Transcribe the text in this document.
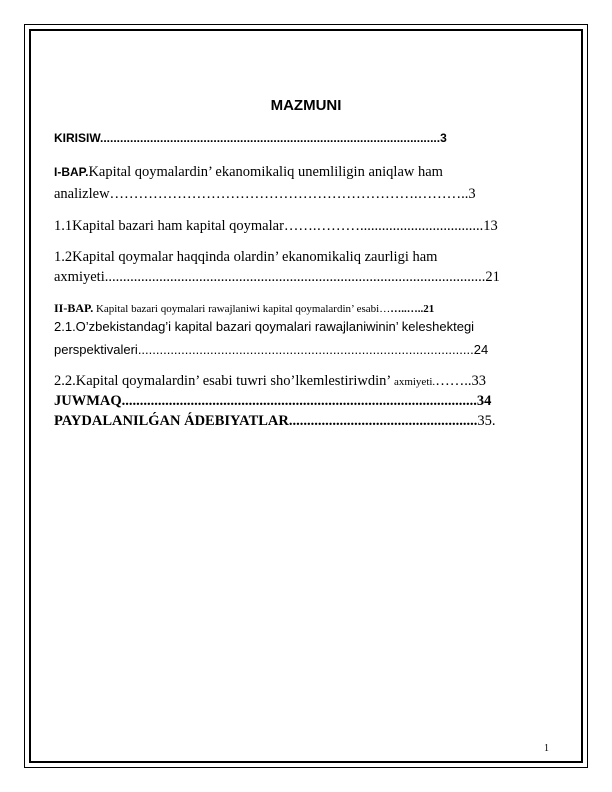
MAZMUNI
KIRISIW......................................................................................................3
I-BAP.Kapital qoymalardin’ ekanomikaliq unemliligin aniqlaw ham
analizlew……………………………………………………….………..3
1.1Kapital bazari ham kapital qoymalar…….………..................................13
1.2Kapital qoymalar haqqinda olardin’ ekanomikaliq zaurligi ham
axmiyeti.........................................................................................................21
II-BAP. Kapital bazari qoymalari rawajlaniwi kapital qoymalardin’ esabi……..…..21
2.1.O’zbekistandag’i kapital bazari qoymalari rawajlaniwinin’ keleshektegi
perspektivaleri.............................................................................................24
2.2.Kapital qoymalardin’ esabi tuwri sho’lkemlestiriwdin’ axmiyeti.……..33
JUWMAQ..................................................................................................34
PAYDALANILǴAN ÁDEBIYATLAR....................................................35.
1
